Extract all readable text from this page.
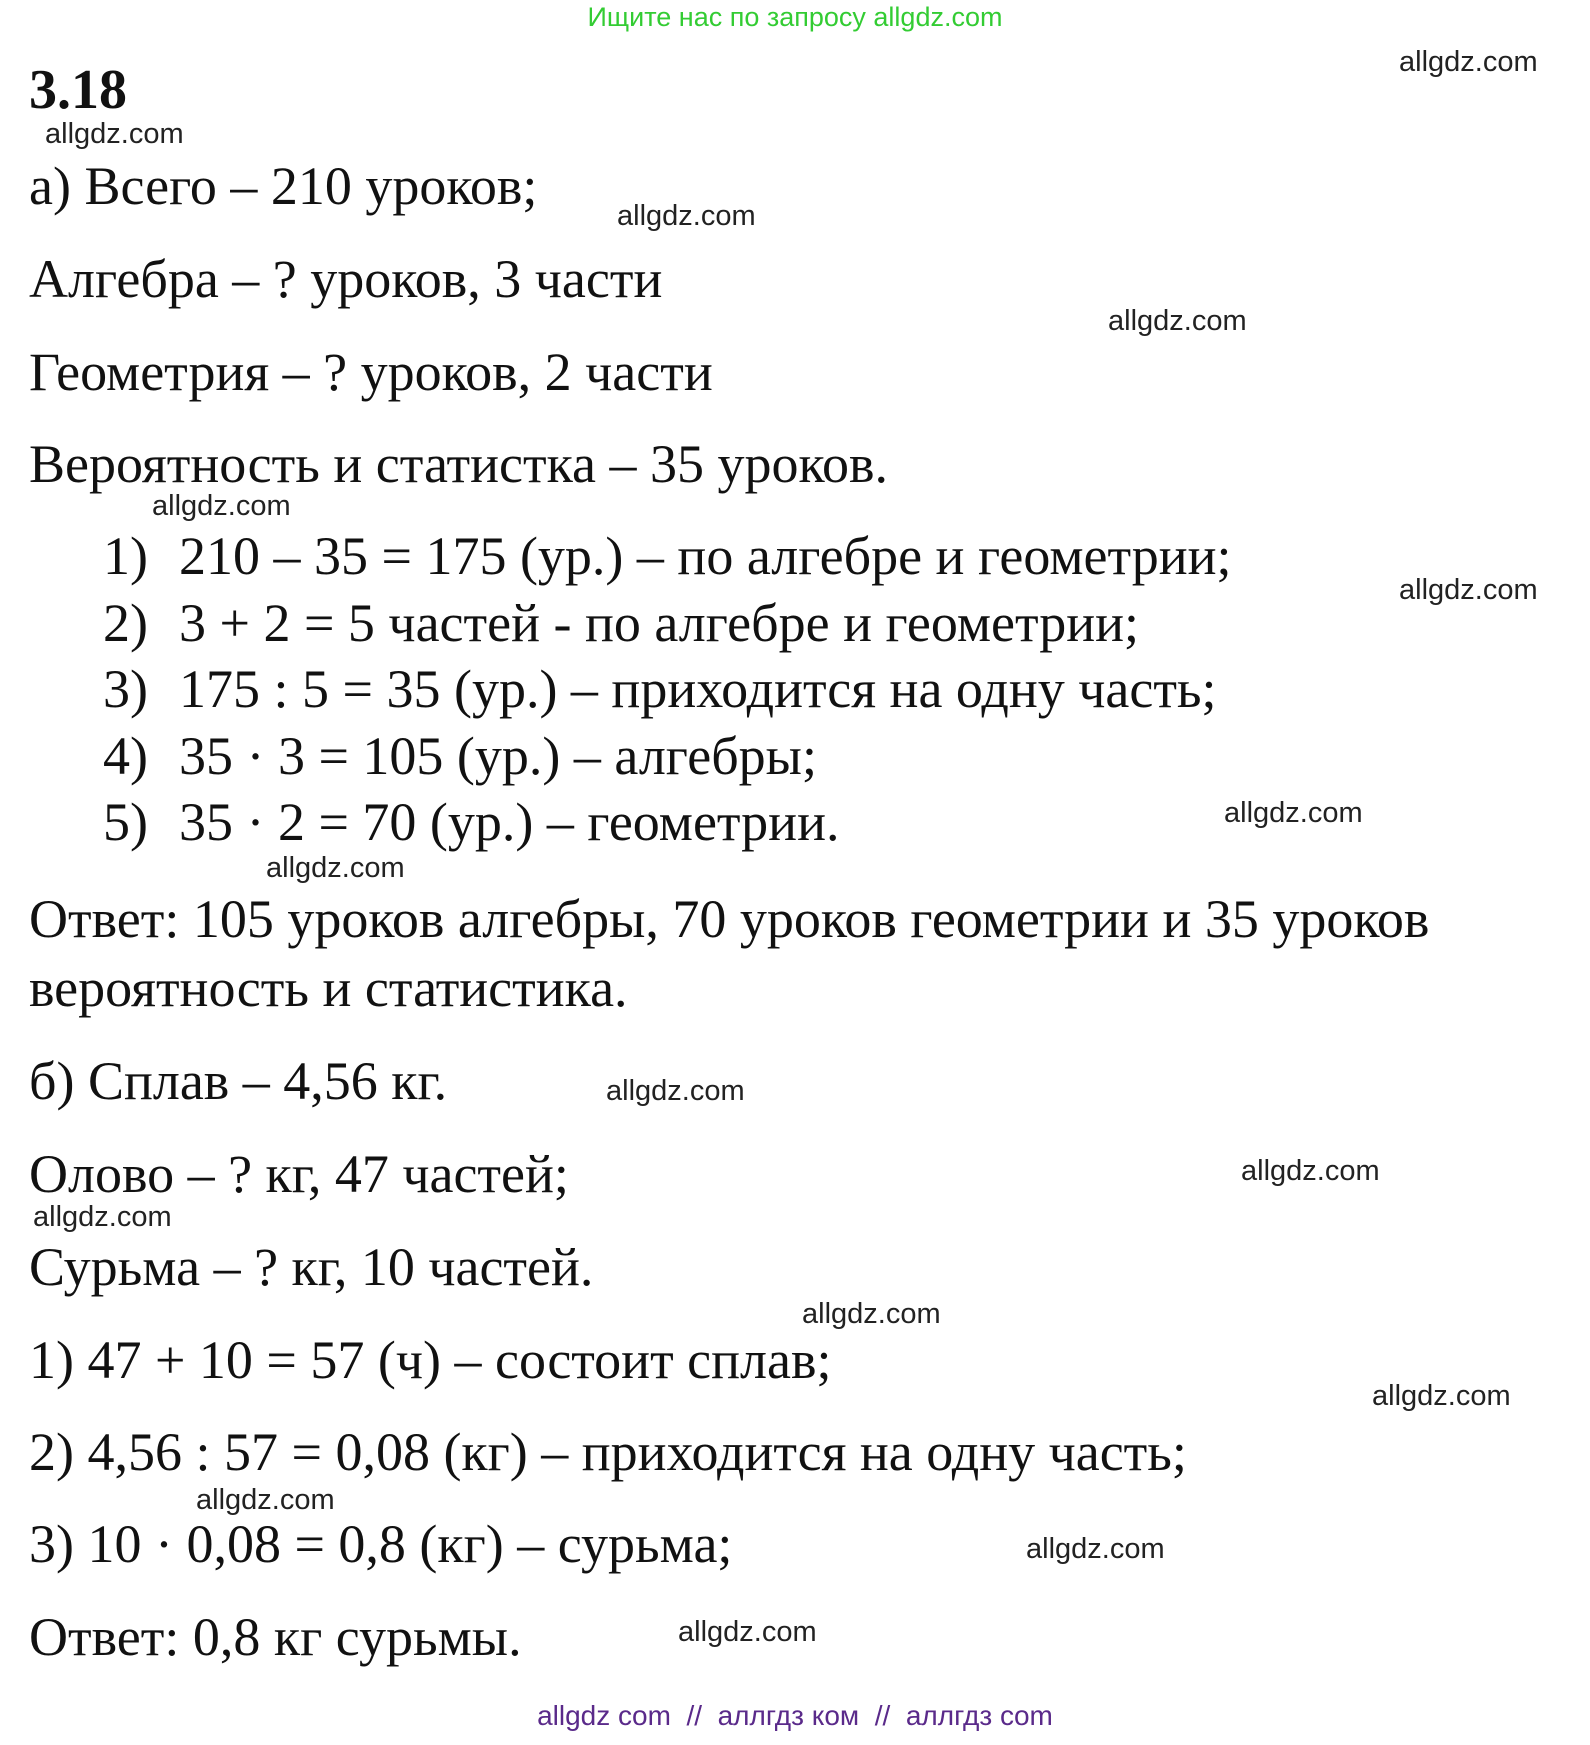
Ищите нас по запросу allgdz.com
3.18
а) Всего – 210 уроков;
Алгебра – ? уроков, 3 части
Геометрия – ? уроков, 2 части
Вероятность и статистка – 35 уроков.
1) 210 – 35 = 175 (ур.) – по алгебре и геометрии;
2) 3 + 2 = 5 частей - по алгебре и геометрии;
3) 175 : 5 = 35 (ур.) – приходится на одну часть;
4) 35 · 3 = 105 (ур.) – алгебры;
5) 35 · 2 = 70 (ур.) – геометрии.
Ответ: 105 уроков алгебры, 70 уроков геометрии и 35 уроков
вероятность и статистика.
б) Сплав – 4,56 кг.
Олово – ? кг, 47 частей;
Сурьма – ? кг, 10 частей.
1) 47 + 10 = 57 (ч) – состоит сплав;
2) 4,56 : 57 = 0,08 (кг) – приходится на одну часть;
3) 10 · 0,08 = 0,8 (кг) – сурьма;
Ответ: 0,8 кг сурьмы.
allgdz.com
allgdz.com
allgdz.com
allgdz.com
allgdz.com
allgdz.com
allgdz.com
allgdz.com
allgdz.com
allgdz.com
allgdz.com
allgdz.com
allgdz.com
allgdz.com
allgdz.com
allgdz.com
allgdz com  //  аллгдз ком  //  аллгдз com
